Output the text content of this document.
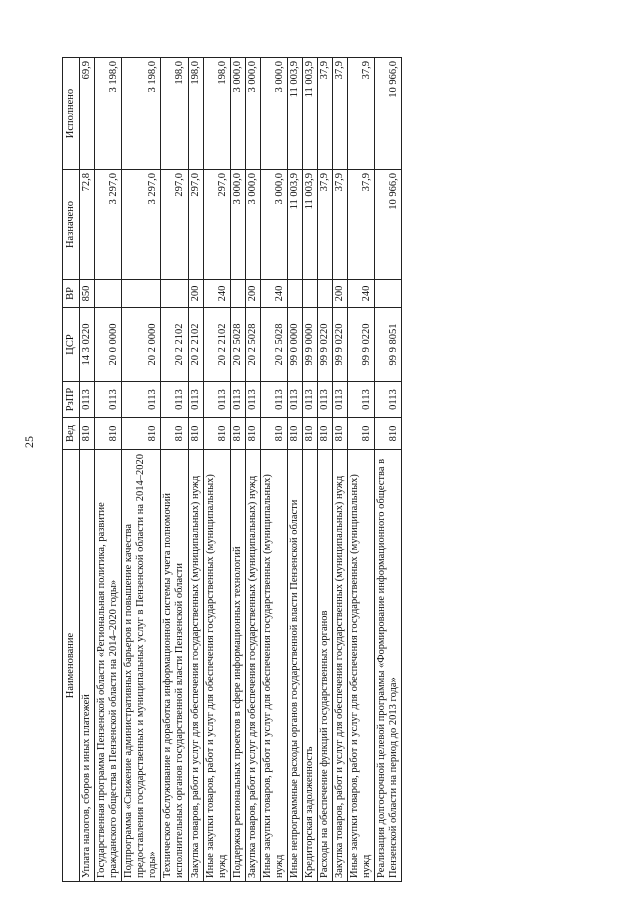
25
Наименование	Вед	РзПР	ЦСР	ВР	Назначено	Исполнено
Уплата налогов, сборов и иных платежей	810	0113	14 3 0220	850	72,8	69,9
Государственная программа Пензенской области «Региональная политика, развитие гражданского общества в Пензенской области на 2014–2020 годы»	810	0113	20 0 0000		3 297,0	3 198,0
Подпрограмма «Снижение административных барьеров и повышение качества предоставления государственных и муниципальных услуг в Пензенской области на 2014–2020 годы»	810	0113	20 2 0000		3 297,0	3 198,0
Техническое обслуживание и доработка информационной системы учета полномочий исполнительных органов государственной власти Пензенской области	810	0113	20 2 2102		297,0	198,0
Закупка товаров, работ и услуг для обеспечения государственных (муниципальных) нужд	810	0113	20 2 2102	200	297,0	198,0
Иные закупки товаров, работ и услуг для обеспечения государственных (муниципальных) нужд	810	0113	20 2 2102	240	297,0	198,0
Поддержка региональных проектов в сфере информационных технологий	810	0113	20 2 5028		3 000,0	3 000,0
Закупка товаров, работ и услуг для обеспечения государственных (муниципальных) нужд	810	0113	20 2 5028	200	3 000,0	3 000,0
Иные закупки товаров, работ и услуг для обеспечения государственных (муниципальных) нужд	810	0113	20 2 5028	240	3 000,0	3 000,0
Иные непрограммные расходы органов государственной власти Пензенской области	810	0113	99 0 0000		11 003,9	11 003,9
Кредиторская задолженность	810	0113	99 9 0000		11 003,9	11 003,9
Расходы на обеспечение функций государственных органов	810	0113	99 9 0220		37,9	37,9
Закупка товаров, работ и услуг для обеспечения государственных (муниципальных) нужд	810	0113	99 9 0220	200	37,9	37,9
Иные закупки товаров, работ и услуг для обеспечения государственных (муниципальных) нужд	810	0113	99 9 0220	240	37,9	37,9
Реализация долгосрочной целевой программы «Формирование информационного общества в Пензенской области на период до 2013 года»	810	0113	99 9 8051		10 966,0	10 966,0
